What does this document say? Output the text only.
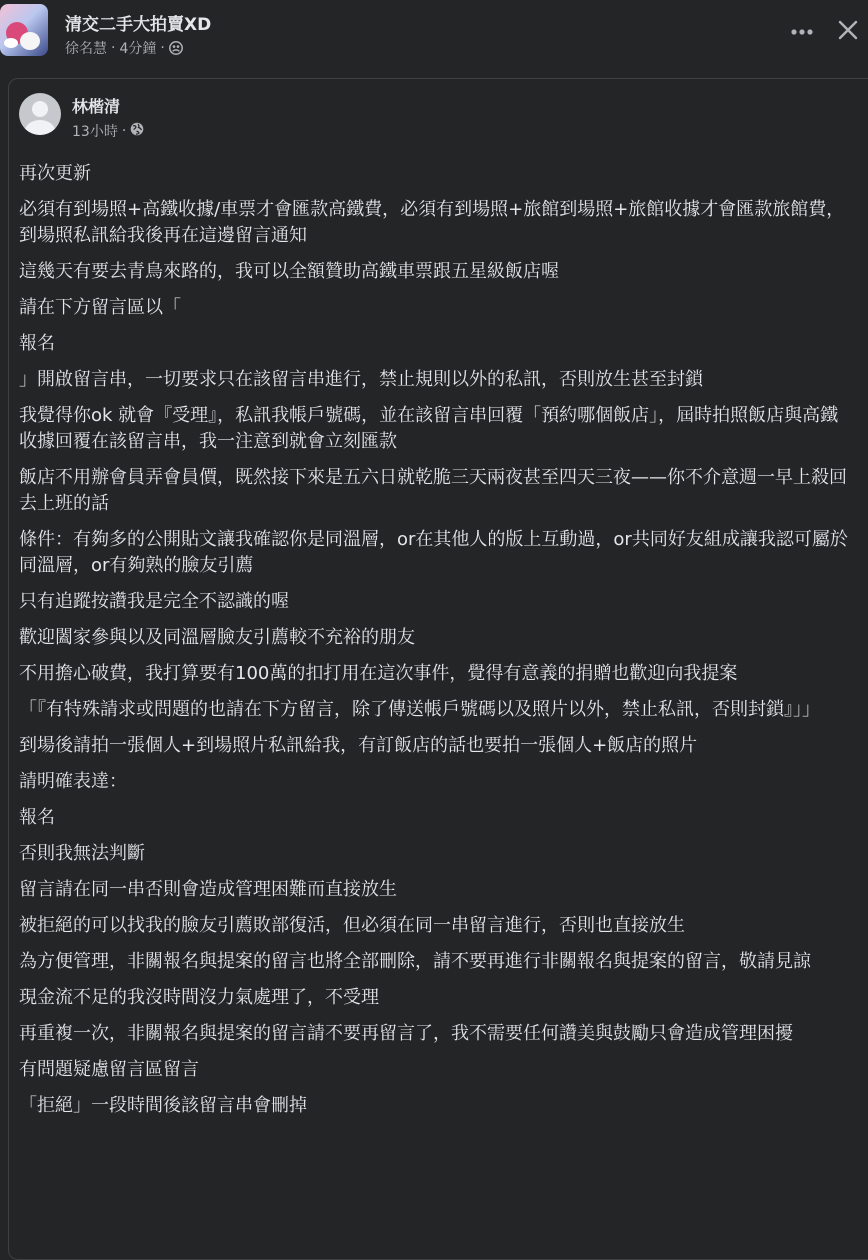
清交二手大拍賣XD
徐名慧 · 4分鐘 ·
林楷清
13小時 ·

再次更新

必須有到場照+高鐵收據/車票才會匯款高鐵費，必須有到場照+旅館到場照+旅館收據才會匯款旅館費，到場照私訊給我後再在這邊留言通知

這幾天有要去青鳥來路的，我可以全額贊助高鐵車票跟五星級飯店喔

請在下方留言區以「

報名

」開啟留言串，一切要求只在該留言串進行，禁止規則以外的私訊，否則放生甚至封鎖

我覺得你ok 就會『受理』，私訊我帳戶號碼，並在該留言串回覆「預約哪個飯店」，屆時拍照飯店與高鐵收據回覆在該留言串，我一注意到就會立刻匯款

飯店不用辦會員弄會員價，既然接下來是五六日就乾脆三天兩夜甚至四天三夜——你不介意週一早上殺回去上班的話

條件：有夠多的公開貼文讓我確認你是同溫層，or在其他人的版上互動過，or共同好友組成讓我認可屬於同溫層，or有夠熟的臉友引薦

只有追蹤按讚我是完全不認識的喔

歡迎闔家參與以及同溫層臉友引薦較不充裕的朋友

不用擔心破費，我打算要有100萬的扣打用在這次事件，覺得有意義的捐贈也歡迎向我提案

「『有特殊請求或問題的也請在下方留言，除了傳送帳戶號碼以及照片以外，禁止私訊，否則封鎖』」」

到場後請拍一張個人+到場照片私訊給我，有訂飯店的話也要拍一張個人+飯店的照片

請明確表達：

報名

否則我無法判斷

留言請在同一串否則會造成管理困難而直接放生

被拒絕的可以找我的臉友引薦敗部復活，但必須在同一串留言進行，否則也直接放生

為方便管理，非關報名與提案的留言也將全部刪除，請不要再進行非關報名與提案的留言，敬請見諒

現金流不足的我沒時間沒力氣處理了，不受理

再重複一次，非關報名與提案的留言請不要再留言了，我不需要任何讚美與鼓勵只會造成管理困擾

有問題疑慮留言區留言

「拒絕」一段時間後該留言串會刪掉
